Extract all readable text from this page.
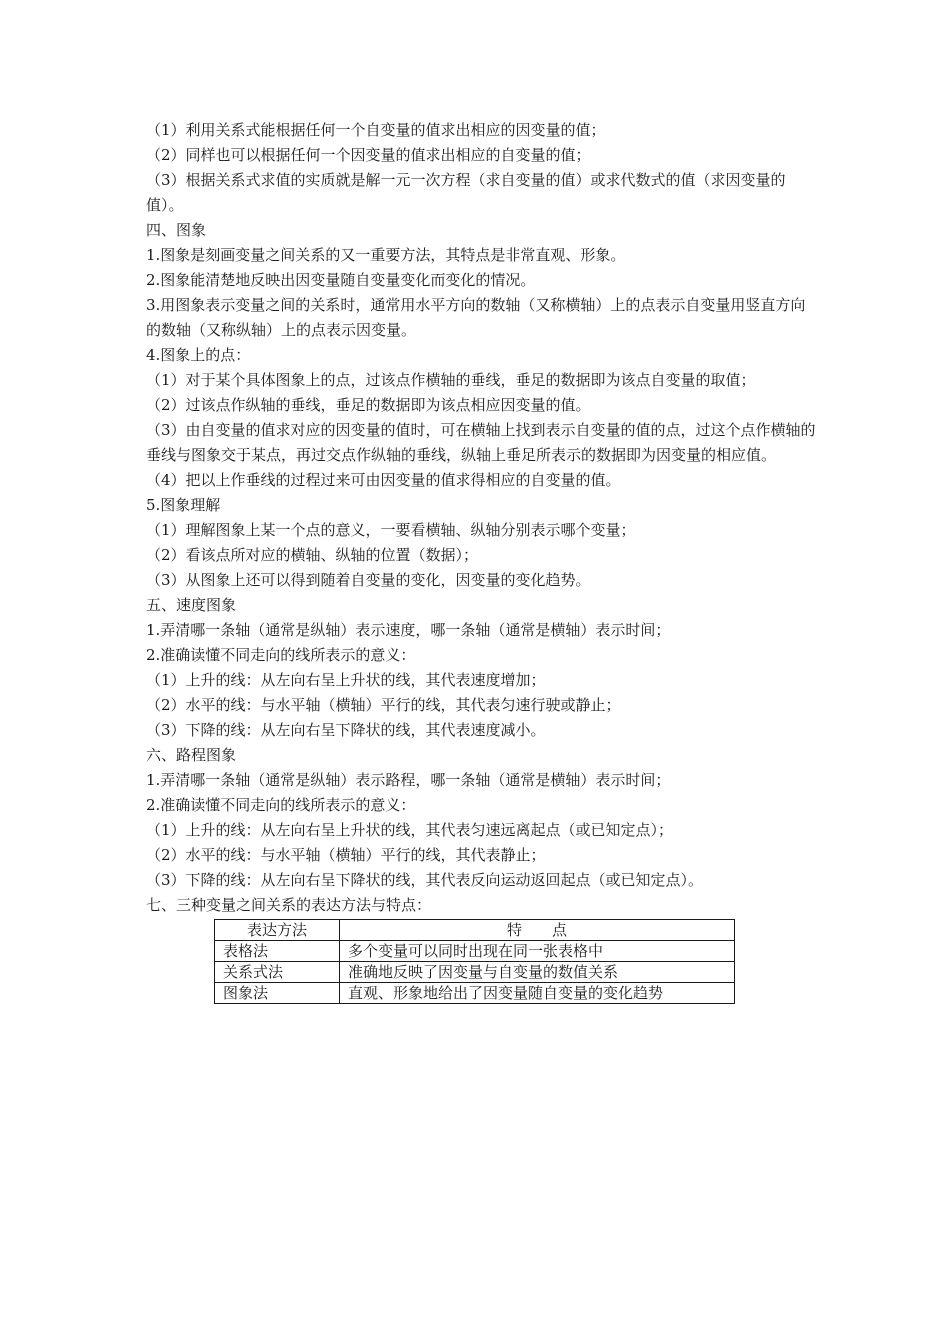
（1）利用关系式能根据任何一个自变量的值求出相应的因变量的值；
（2）同样也可以根据任何一个因变量的值求出相应的自变量的值；
（3）根据关系式求值的实质就是解一元一次方程（求自变量的值）或求代数式的值（求因变量的值）。
四、图象
1.图象是刻画变量之间关系的又一重要方法，其特点是非常直观、形象。
2.图象能清楚地反映出因变量随自变量变化而变化的情况。
3.用图象表示变量之间的关系时，通常用水平方向的数轴（又称横轴）上的点表示自变量用竖直方向的数轴（又称纵轴）上的点表示因变量。
4.图象上的点：
（1）对于某个具体图象上的点，过该点作横轴的垂线，垂足的数据即为该点自变量的取值；
（2）过该点作纵轴的垂线，垂足的数据即为该点相应因变量的值。
（3）由自变量的值求对应的因变量的值时，可在横轴上找到表示自变量的值的点，过这个点作横轴的垂线与图象交于某点，再过交点作纵轴的垂线，纵轴上垂足所表示的数据即为因变量的相应值。
（4）把以上作垂线的过程过来可由因变量的值求得相应的自变量的值。
5.图象理解
（1）理解图象上某一个点的意义，一要看横轴、纵轴分别表示哪个变量；
（2）看该点所对应的横轴、纵轴的位置（数据）；
（3）从图象上还可以得到随着自变量的变化，因变量的变化趋势。
五、速度图象
1.弄清哪一条轴（通常是纵轴）表示速度，哪一条轴（通常是横轴）表示时间；
2.准确读懂不同走向的线所表示的意义：
（1）上升的线：从左向右呈上升状的线，其代表速度增加；
（2）水平的线：与水平轴（横轴）平行的线，其代表匀速行驶或静止；
（3）下降的线：从左向右呈下降状的线，其代表速度减小。
六、路程图象
1.弄清哪一条轴（通常是纵轴）表示路程，哪一条轴（通常是横轴）表示时间；
2.准确读懂不同走向的线所表示的意义：
（1）上升的线：从左向右呈上升状的线，其代表匀速远离起点（或已知定点）；
（2）水平的线：与水平轴（横轴）平行的线，其代表静止；
（3）下降的线：从左向右呈下降状的线，其代表反向运动返回起点（或已知定点）。
七、三种变量之间关系的表达方法与特点：
表达方法	特　　点
表格法	多个变量可以同时出现在同一张表格中
关系式法	准确地反映了因变量与自变量的数值关系
图象法	直观、形象地给出了因变量随自变量的变化趋势
